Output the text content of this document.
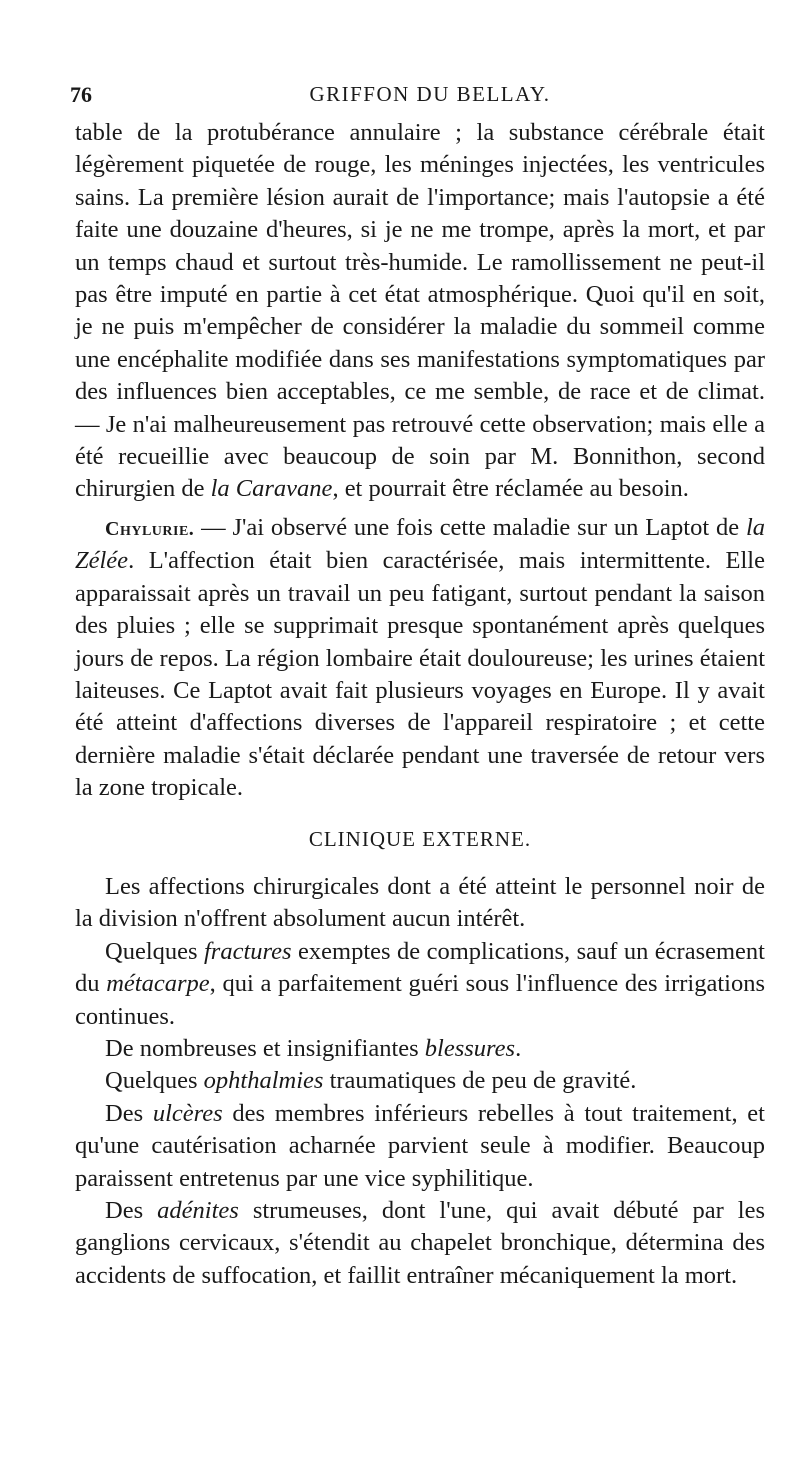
76	GRIFFON DU BELLAY.

table de la protubérance annulaire ; la substance cérébrale était légèrement piquetée de rouge, les méninges injectées, les ventricules sains. La première lésion aurait de l'importance; mais l'autopsie a été faite une douzaine d'heures, si je ne me trompe, après la mort, et par un temps chaud et surtout très-humide. Le ramollissement ne peut-il pas être imputé en partie à cet état atmosphérique. Quoi qu'il en soit, je ne puis m'empêcher de considérer la maladie du sommeil comme une encéphalite modifiée dans ses manifestations symptomatiques par des influences bien acceptables, ce me semble, de race et de climat. — Je n'ai malheureusement pas retrouvé cette observation; mais elle a été recueillie avec beaucoup de soin par M. Bonnithon, second chirurgien de la Caravane, et pourrait être réclamée au besoin.

Chylurie. — J'ai observé une fois cette maladie sur un Laptot de la Zélée. L'affection était bien caractérisée, mais intermittente. Elle apparaissait après un travail un peu fatigant, surtout pendant la saison des pluies ; elle se supprimait presque spontanément après quelques jours de repos. La région lombaire était douloureuse; les urines étaient laiteuses. Ce Laptot avait fait plusieurs voyages en Europe. Il y avait été atteint d'affections diverses de l'appareil respiratoire ; et cette dernière maladie s'était déclarée pendant une traversée de retour vers la zone tropicale.

CLINIQUE EXTERNE.

Les affections chirurgicales dont a été atteint le personnel noir de la division n'offrent absolument aucun intérêt.

Quelques fractures exemptes de complications, sauf un écrasement du métacarpe, qui a parfaitement guéri sous l'influence des irrigations continues.

De nombreuses et insignifiantes blessures.

Quelques ophthalmies traumatiques de peu de gravité.

Des ulcères des membres inférieurs rebelles à tout traitement, et qu'une cautérisation acharnée parvient seule à modifier. Beaucoup paraissent entretenus par une vice syphilitique.

Des adénites strumeuses, dont l'une, qui avait débuté par les ganglions cervicaux, s'étendit au chapelet bronchique, détermina des accidents de suffocation, et faillit entraîner mécaniquement la mort.
